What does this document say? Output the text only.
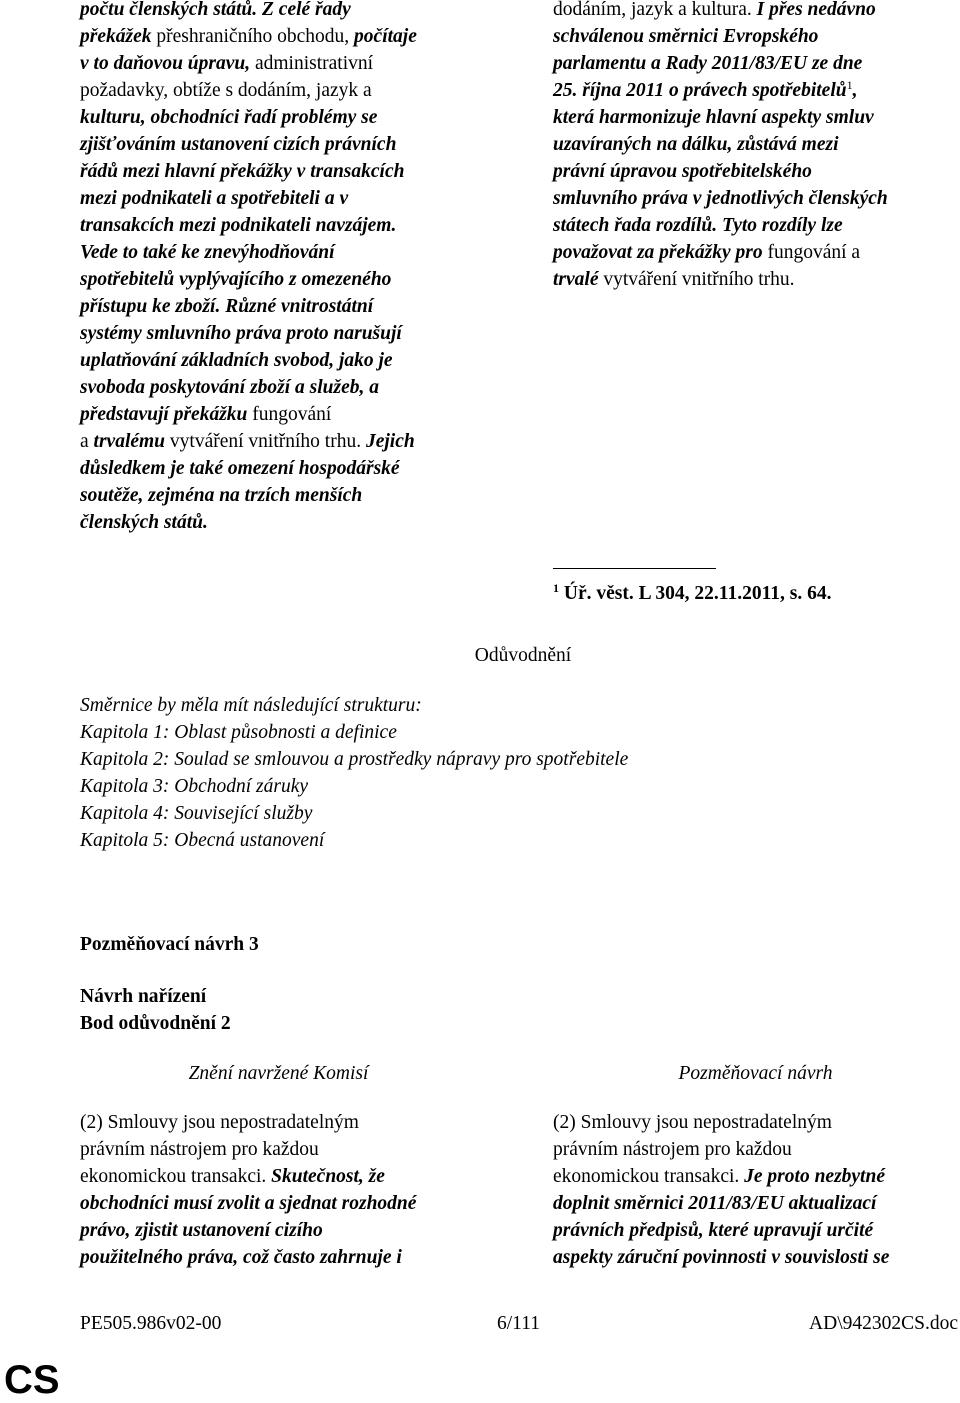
počtu členských států. Z celé řady
překážek přeshraničního obchodu, počítaje
v to daňovou úpravu, administrativní
požadavky, obtíže s dodáním, jazyk a
kulturu, obchodníci řadí problémy se
zjišťováním ustanovení cizích právních
řádů mezi hlavní překážky v transakcích
mezi podnikateli a spotřebiteli a v
transakcích mezi podnikateli navzájem.
Vede to také ke znevýhodňování
spotřebitelů vyplývajícího z omezeného
přístupu ke zboží. Různé vnitrostátní
systémy smluvního práva proto narušují
uplatňování základních svobod, jako je
svoboda poskytování zboží a služeb, a
představují překážku fungování
a trvalému vytváření vnitřního trhu. Jejich
důsledkem je také omezení hospodářské
soutěže, zejména na trzích menších
členských států.
dodáním, jazyk a kultura. I přes nedávno
schválenou směrnici Evropského
parlamentu a Rady 2011/83/EU ze dne
25. října 2011 o právech spotřebitelů$^1$,
která harmonizuje hlavní aspekty smluv
uzavíraných na dálku, zůstává mezi
právní úpravou spotřebitelského
smluvního práva v jednotlivých členských
státech řada rozdílů. Tyto rozdíly lze
považovat za překážky pro fungování a
trvalé vytváření vnitřního trhu.
$^1$ Úř. věst. L 304, 22.11.2011, s. 64.
Odůvodnění
Směrnice by měla mít následující strukturu:
Kapitola 1: Oblast působnosti a definice
Kapitola 2: Soulad se smlouvou a prostředky nápravy pro spotřebitele
Kapitola 3: Obchodní záruky
Kapitola 4: Související služby
Kapitola 5: Obecná ustanovení
Pozměňovací návrh 3
Návrh nařízení
Bod odůvodnění 2
Znění navržené Komisí	Pozměňovací návrh
(2) Smlouvy jsou nepostradatelným
právním nástrojem pro každou
ekonomickou transakci. Skutečnost, že
obchodníci musí zvolit a sjednat rozhodné
právo, zjistit ustanovení cizího
použitelného práva, což často zahrnuje i
(2) Smlouvy jsou nepostradatelným
právním nástrojem pro každou
ekonomickou transakci. Je proto nezbytné
doplnit směrnici 2011/83/EU aktualizací
právních předpisů, které upravují určité
aspekty záruční povinnosti v souvislosti se
PE505.986v02-00	6/111	AD\942302CS.doc
CS
